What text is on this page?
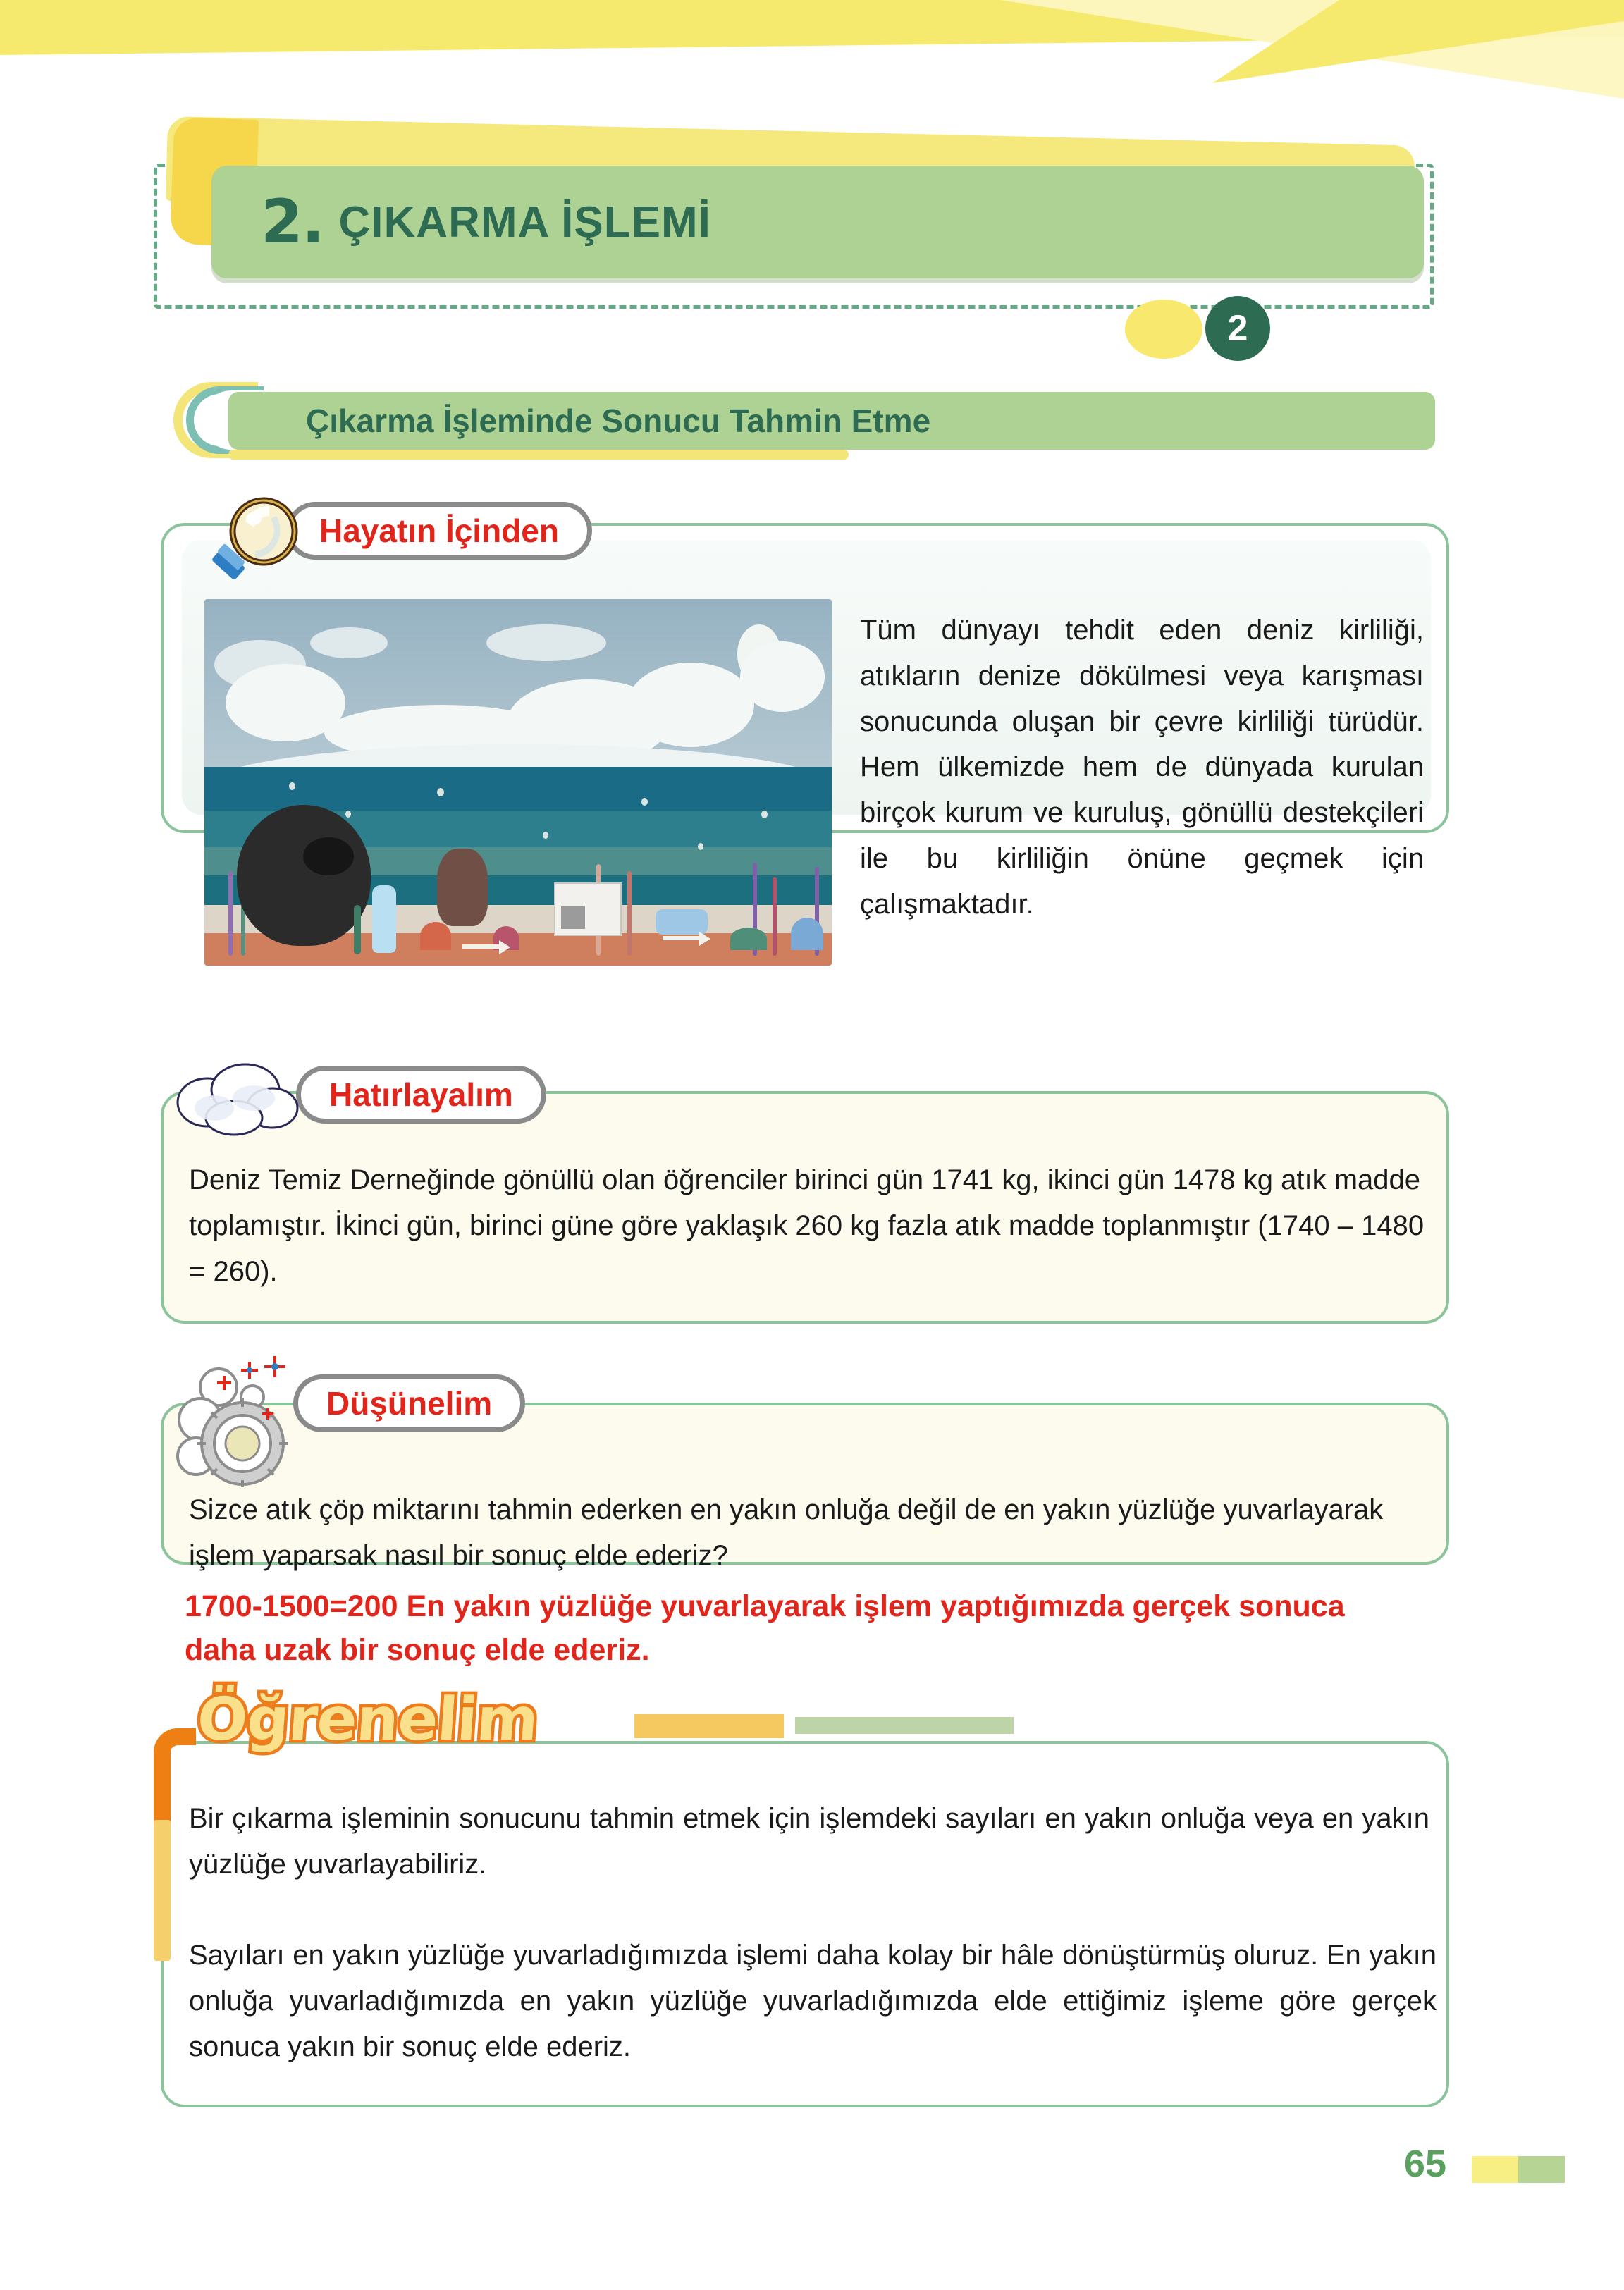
2. ÇIKARMA İŞLEMİ
2
Çıkarma İşleminde Sonucu Tahmin Etme
Hayatın İçinden
Tüm dünyayı tehdit eden deniz kirliliği, atıkların denize dökülmesi veya karışması sonucunda oluşan bir çevre kirliliği türüdür. Hem ülkemizde hem de dünyada kurulan birçok kurum ve kuruluş, gönüllü destekçileri ile bu kirliliğin önüne geçmek için çalışmaktadır.
Hatırlayalım
Deniz Temiz Derneğinde gönüllü olan öğrenciler birinci gün 1741 kg, ikinci gün 1478 kg atık madde toplamıştır. İkinci gün, birinci güne göre yaklaşık 260 kg fazla atık madde toplanmıştır (1740 – 1480 = 260).
Düşünelim
Sizce atık çöp miktarını tahmin ederken en yakın onluğa değil de en yakın yüzlüğe yuvarlayarak işlem yaparsak nasıl bir sonuç elde ederiz?
1700-1500=200 En yakın yüzlüğe yuvarlayarak işlem yaptığımızda gerçek sonuca daha uzak bir sonuç elde ederiz.
Öğrenelim
Bir çıkarma işleminin sonucunu tahmin etmek için işlemdeki sayıları en yakın onluğa veya en yakın yüzlüğe yuvarlayabiliriz.
Sayıları en yakın yüzlüğe yuvarladığımızda işlemi daha kolay bir hâle dönüştürmüş oluruz. En yakın onluğa yuvarladığımızda en yakın yüzlüğe yuvarladığımızda elde ettiğimiz işleme göre gerçek sonuca yakın bir sonuç elde ederiz.
65
